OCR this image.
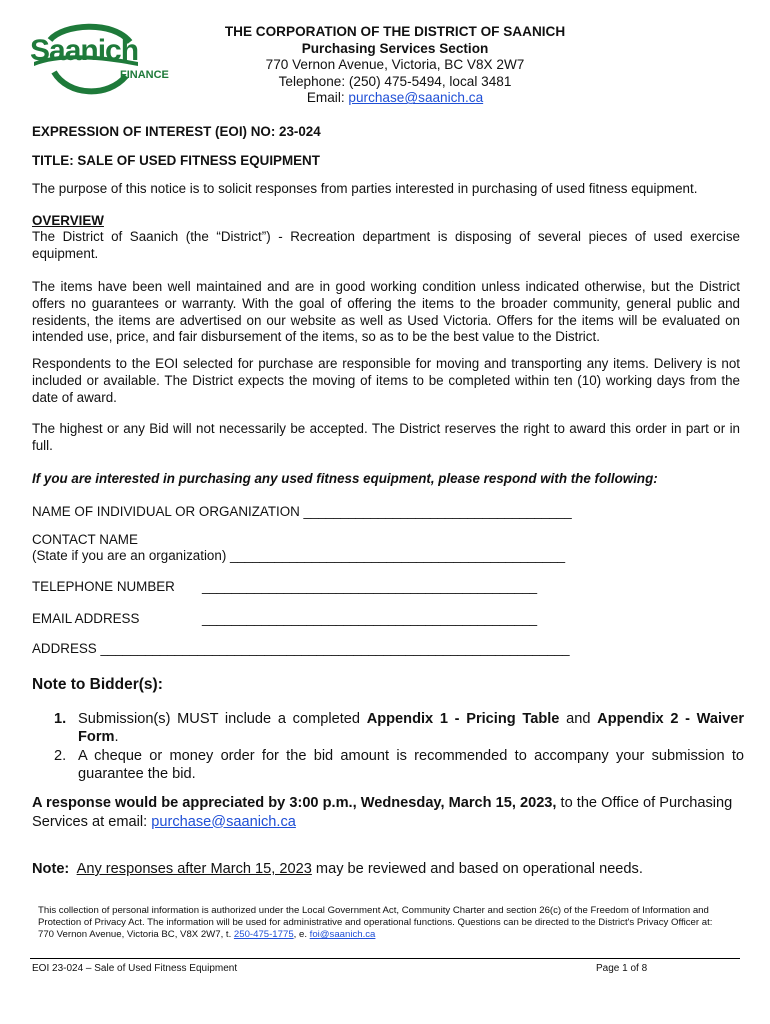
Saanich
FINANCE
THE CORPORATION OF THE DISTRICT OF SAANICH
Purchasing Services Section
770 Vernon Avenue, Victoria, BC V8X 2W7
Telephone: (250) 475-5494, local 3481
Email: purchase@saanich.ca
EXPRESSION OF INTEREST (EOI) NO: 23-024
TITLE: SALE OF USED FITNESS EQUIPMENT
The purpose of this notice is to solicit responses from parties interested in purchasing of used fitness equipment.
OVERVIEW
The District of Saanich (the “District”) - Recreation department is disposing of several pieces of used exercise equipment.
The items have been well maintained and are in good working condition unless indicated otherwise, but the District offers no guarantees or warranty. With the goal of offering the items to the broader community, general public and residents, the items are advertised on our website as well as Used Victoria. Offers for the items will be evaluated on intended use, price, and fair disbursement of the items, so as to be the best value to the District.
Respondents to the EOI selected for purchase are responsible for moving and transporting any items. Delivery is not included or available. The District expects the moving of items to be completed within ten (10) working days from the date of award.
The highest or any Bid will not necessarily be accepted. The District reserves the right to award this order in part or in full.
If you are interested in purchasing any used fitness equipment, please respond with the following:
NAME OF INDIVIDUAL OR ORGANIZATION ____________________________________
CONTACT NAME
(State if you are an organization) _____________________________________________
TELEPHONE NUMBER	_____________________________________________
EMAIL ADDRESS	_____________________________________________
ADDRESS _______________________________________________________________
Note to Bidder(s):
1. Submission(s) MUST include a completed Appendix 1 - Pricing Table and Appendix 2 - Waiver Form.
2. A cheque or money order for the bid amount is recommended to accompany your submission to guarantee the bid.
A response would be appreciated by 3:00 p.m., Wednesday, March 15, 2023, to the Office of Purchasing Services at email: purchase@saanich.ca
Note: Any responses after March 15, 2023 may be reviewed and based on operational needs.
This collection of personal information is authorized under the Local Government Act, Community Charter and section 26(c) of the Freedom of Information and Protection of Privacy Act. The information will be used for administrative and operational functions. Questions can be directed to the District's Privacy Officer at: 770 Vernon Avenue, Victoria BC, V8X 2W7, t. 250-475-1775, e. foi@saanich.ca
EOI 23-024 – Sale of Used Fitness Equipment	Page 1 of 8
